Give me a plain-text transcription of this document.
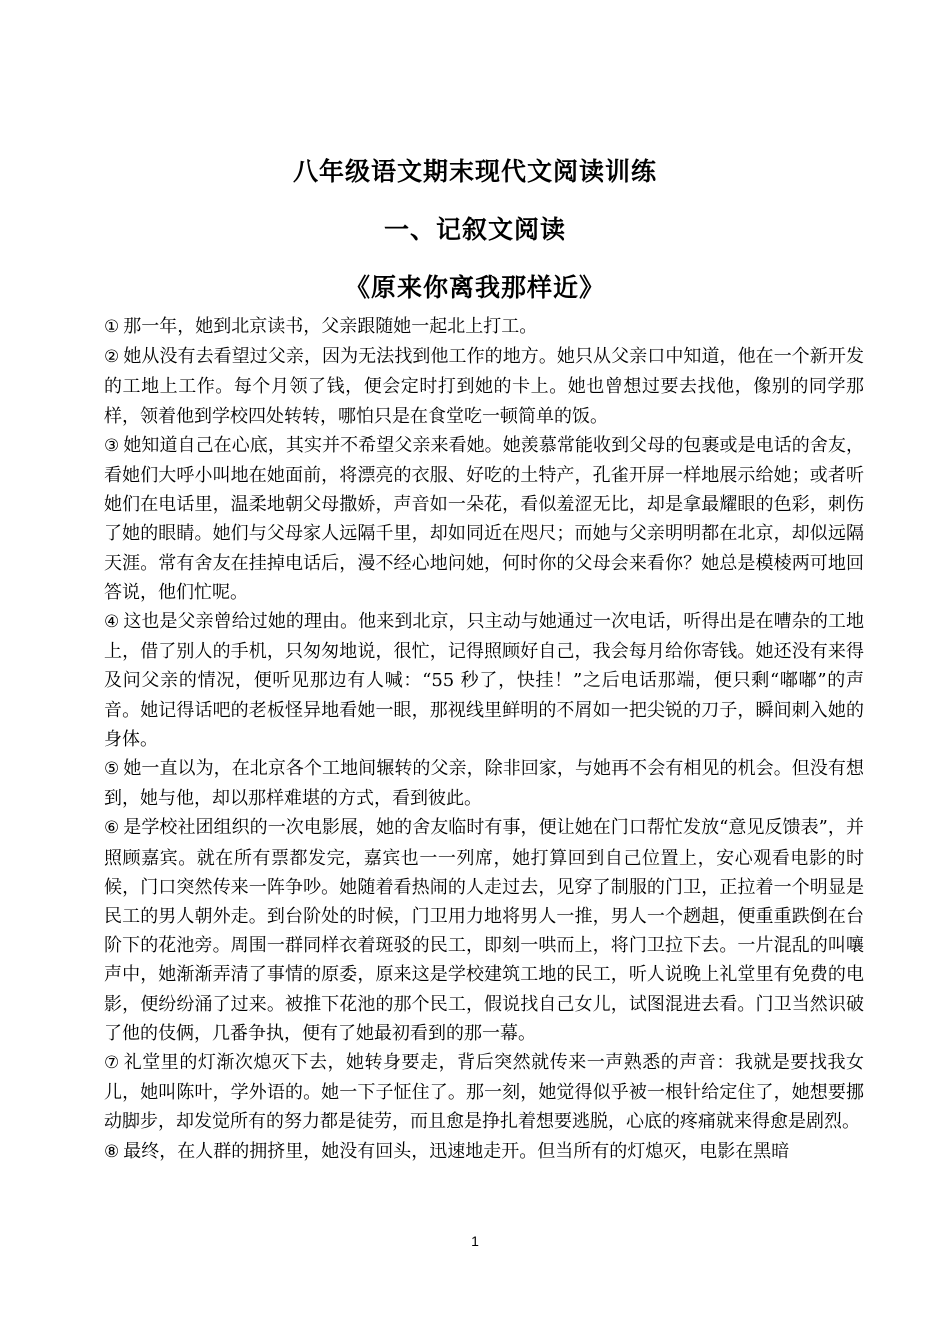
八年级语文期末现代文阅读训练
一、记叙文阅读
《原来你离我那样近》

① 那一年，她到北京读书，父亲跟随她一起北上打工。

② 她从没有去看望过父亲，因为无法找到他工作的地方。她只从父亲口中知道，他在一个新开发的工地上工作。每个月领了钱，便会定时打到她的卡上。她也曾想过要去找他，像别的同学那样，领着他到学校四处转转，哪怕只是在食堂吃一顿简单的饭。

③ 她知道自己在心底，其实并不希望父亲来看她。她羡慕常能收到父母的包裹或是电话的舍友，看她们大呼小叫地在她面前，将漂亮的衣服、好吃的土特产，孔雀开屏一样地展示给她；或者听她们在电话里，温柔地朝父母撒娇，声音如一朵花，看似羞涩无比，却是拿最耀眼的色彩，刺伤了她的眼睛。她们与父母家人远隔千里，却如同近在咫尺；而她与父亲明明都在北京，却似远隔天涯。常有舍友在挂掉电话后，漫不经心地问她，何时你的父母会来看你？她总是模棱两可地回答说，他们忙呢。

④ 这也是父亲曾给过她的理由。他来到北京，只主动与她通过一次电话，听得出是在嘈杂的工地上，借了别人的手机，只匆匆地说，很忙，记得照顾好自己，我会每月给你寄钱。她还没有来得及问父亲的情况，便听见那边有人喊：“55 秒了，快挂！”之后电话那端，便只剩“嘟嘟”的声音。她记得话吧的老板怪异地看她一眼，那视线里鲜明的不屑如一把尖锐的刀子，瞬间刺入她的身体。

⑤ 她一直以为，在北京各个工地间辗转的父亲，除非回家，与她再不会有相见的机会。但没有想到，她与他，却以那样难堪的方式，看到彼此。

⑥ 是学校社团组织的一次电影展，她的舍友临时有事，便让她在门口帮忙发放“意见反馈表”，并照顾嘉宾。就在所有票都发完，嘉宾也一一列席，她打算回到自己位置上，安心观看电影的时候，门口突然传来一阵争吵。她随着看热闹的人走过去，见穿了制服的门卫，正拉着一个明显是民工的男人朝外走。到台阶处的时候，门卫用力地将男人一推，男人一个趔趄，便重重跌倒在台阶下的花池旁。周围一群同样衣着斑驳的民工，即刻一哄而上，将门卫拉下去。一片混乱的叫嚷声中，她渐渐弄清了事情的原委，原来这是学校建筑工地的民工，听人说晚上礼堂里有免费的电影，便纷纷涌了过来。被推下花池的那个民工，假说找自己女儿，试图混进去看。门卫当然识破了他的伎俩，几番争执，便有了她最初看到的那一幕。

⑦ 礼堂里的灯渐次熄灭下去，她转身要走，背后突然就传来一声熟悉的声音：我就是要找我女儿，她叫陈叶，学外语的。她一下子怔住了。那一刻，她觉得似乎被一根针给定住了，她想要挪动脚步，却发觉所有的努力都是徒劳，而且愈是挣扎着想要逃脱，心底的疼痛就来得愈是剧烈。

⑧ 最终，在人群的拥挤里，她没有回头，迅速地走开。但当所有的灯熄灭，电影在黑暗

1
